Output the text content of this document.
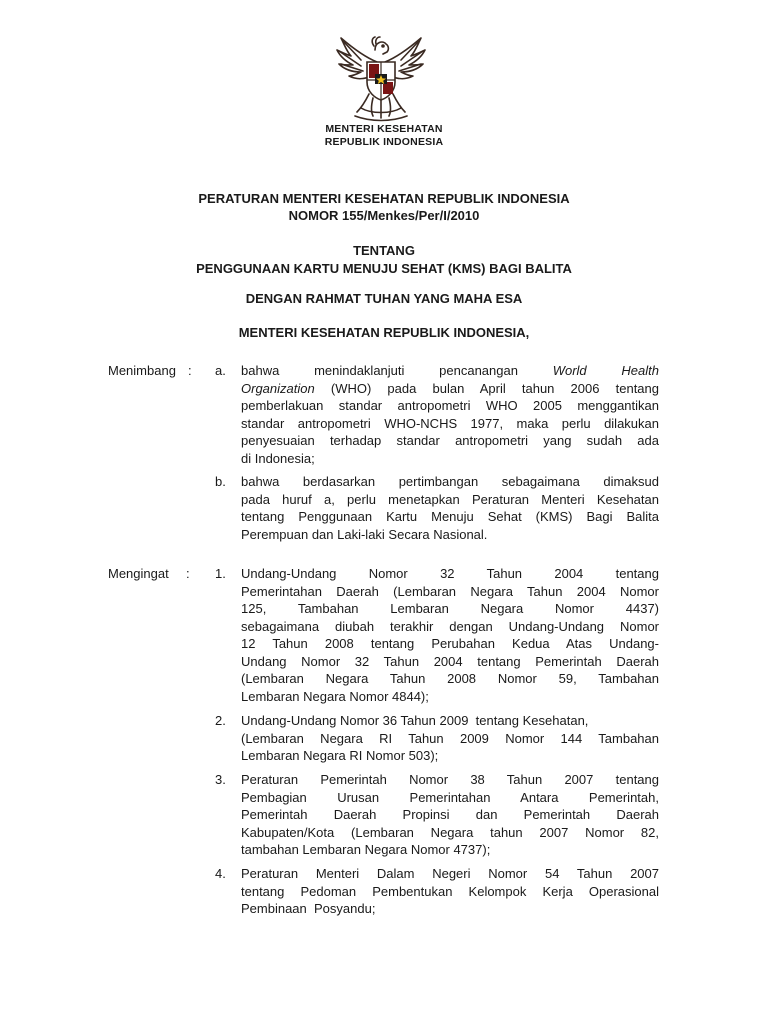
MENTERI KESEHATAN
REPUBLIK INDONESIA
PERATURAN MENTERI KESEHATAN REPUBLIK INDONESIA
NOMOR 155/Menkes/Per/I/2010
TENTANG
PENGGUNAAN KARTU MENUJU SEHAT (KMS) BAGI BALITA
DENGAN RAHMAT TUHAN YANG MAHA ESA
MENTERI KESEHATAN REPUBLIK INDONESIA,
Menimbang : a. bahwa menindaklanjuti pencanangan World Health
Organization (WHO) pada bulan April tahun 2006 tentang
pemberlakuan standar antropometri WHO 2005 menggantikan
standar antropometri WHO-NCHS 1977, maka perlu dilakukan
penyesuaian terhadap standar antropometri yang sudah ada
di Indonesia;
b. bahwa berdasarkan pertimbangan sebagaimana dimaksud
pada huruf a, perlu menetapkan Peraturan Menteri Kesehatan
tentang Penggunaan Kartu Menuju Sehat (KMS) Bagi Balita
Perempuan dan Laki-laki Secara Nasional.
Mengingat : 1. Undang-Undang Nomor 32 Tahun 2004 tentang
Pemerintahan Daerah (Lembaran Negara Tahun 2004 Nomor
125, Tambahan Lembaran Negara Nomor 4437)
sebagaimana diubah terakhir dengan Undang-Undang Nomor
12 Tahun 2008 tentang Perubahan Kedua Atas Undang-
Undang Nomor 32 Tahun 2004 tentang Pemerintah Daerah
(Lembaran Negara Tahun 2008 Nomor 59, Tambahan
Lembaran Negara Nomor 4844);
2. Undang-Undang Nomor 36 Tahun 2009  tentang Kesehatan,
(Lembaran Negara RI Tahun 2009 Nomor 144 Tambahan
Lembaran Negara RI Nomor 503);
3. Peraturan Pemerintah Nomor 38 Tahun 2007 tentang
Pembagian Urusan Pemerintahan Antara Pemerintah,
Pemerintah Daerah Propinsi dan Pemerintah Daerah
Kabupaten/Kota (Lembaran Negara tahun 2007 Nomor 82,
tambahan Lembaran Negara Nomor 4737);
4. Peraturan Menteri Dalam Negeri Nomor 54 Tahun 2007
tentang Pedoman Pembentukan Kelompok Kerja Operasional
Pembinaan  Posyandu;
